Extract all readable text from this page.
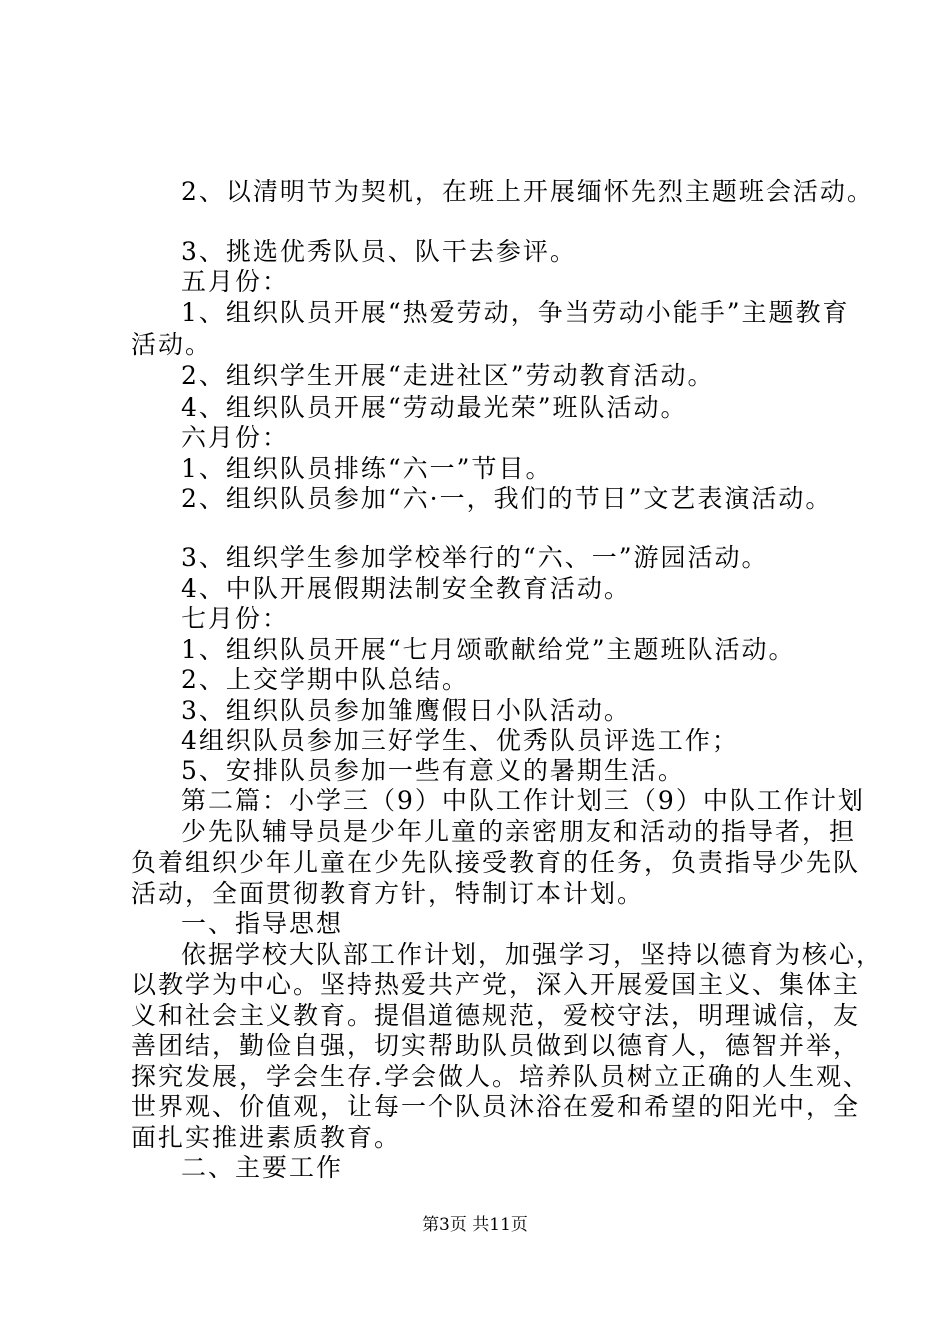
2、以清明节为契机，在班上开展缅怀先烈主题班会活动。
3、挑选优秀队员、队干去参评。
五月份：
1、组织队员开展“热爱劳动，争当劳动小能手”主题教育
活动。
2、组织学生开展“走进社区”劳动教育活动。
4、组织队员开展“劳动最光荣”班队活动。
六月份：
1、组织队员排练“六一”节目。
2、组织队员参加“六·一，我们的节日”文艺表演活动。
3、组织学生参加学校举行的“六、一”游园活动。
4、中队开展假期法制安全教育活动。
七月份：
1、组织队员开展“七月颂歌献给党”主题班队活动。
2、上交学期中队总结。
3、组织队员参加雏鹰假日小队活动。
4组织队员参加三好学生、优秀队员评选工作；
5、安排队员参加一些有意义的暑期生活。
第二篇：小学三（9）中队工作计划三（9）中队工作计划
少先队辅导员是少年儿童的亲密朋友和活动的指导者，担
负着组织少年儿童在少先队接受教育的任务，负责指导少先队
活动，全面贯彻教育方针，特制订本计划。
一、指导思想
依据学校大队部工作计划，加强学习，坚持以德育为核心，
以教学为中心。坚持热爱共产党，深入开展爱国主义、集体主
义和社会主义教育。提倡道德规范，爱校守法，明理诚信，友
善团结，勤俭自强，切实帮助队员做到以德育人，德智并举，
探究发展，学会生存.学会做人。培养队员树立正确的人生观、
世界观、价值观，让每一个队员沐浴在爱和希望的阳光中，全
面扎实推进素质教育。
二、主要工作
第3页 共11页
